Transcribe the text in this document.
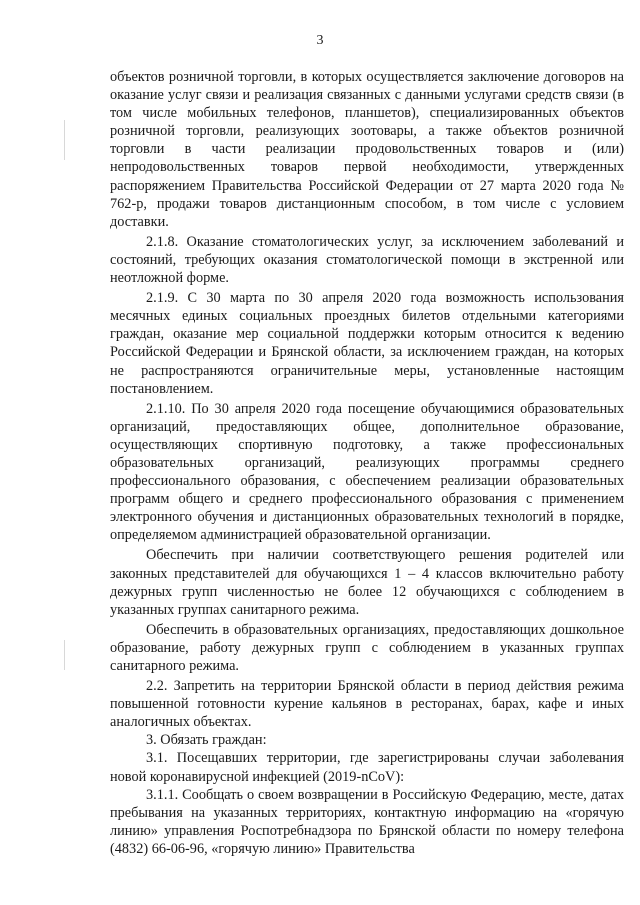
3

объектов розничной торговли, в которых осуществляется заключение договоров на оказание услуг связи и реализация связанных с данными услугами средств связи (в том числе мобильных телефонов, планшетов), специализированных объектов розничной торговли, реализующих зоотовары, а также объектов розничной торговли в части реализации продовольственных товаров и (или) непродовольственных товаров первой необходимости, утвержденных распоряжением Правительства Российской Федерации от 27 марта 2020 года № 762-р, продажи товаров дистанционным способом, в том числе с условием доставки.

2.1.8. Оказание стоматологических услуг, за исключением заболеваний и состояний, требующих оказания стоматологической помощи в экстренной или неотложной форме.

2.1.9. С 30 марта по 30 апреля 2020 года возможность использования месячных единых социальных проездных билетов отдельными категориями граждан, оказание мер социальной поддержки которым относится к ведению Российской Федерации и Брянской области, за исключением граждан, на которых не распространяются ограничительные меры, установленные настоящим постановлением.

2.1.10. По 30 апреля 2020 года посещение обучающимися образовательных организаций, предоставляющих общее, дополнительное образование, осуществляющих спортивную подготовку, а также профессиональных образовательных организаций, реализующих программы среднего профессионального образования, с обеспечением реализации образовательных программ общего и среднего профессионального образования с применением электронного обучения и дистанционных образовательных технологий в порядке, определяемом администрацией образовательной организации.

Обеспечить при наличии соответствующего решения родителей или законных представителей для обучающихся 1 – 4 классов включительно работу дежурных групп численностью не более 12 обучающихся с соблюдением в указанных группах санитарного режима.

Обеспечить в образовательных организациях, предоставляющих дошкольное образование, работу дежурных групп с соблюдением в указанных группах санитарного режима.

2.2. Запретить на территории Брянской области в период действия режима повышенной готовности курение кальянов в ресторанах, барах, кафе и иных аналогичных объектах.

3. Обязать граждан:

3.1. Посещавших территории, где зарегистрированы случаи заболевания новой коронавирусной инфекцией (2019-nCoV):

3.1.1. Сообщать о своем возвращении в Российскую Федерацию, месте, датах пребывания на указанных территориях, контактную информацию на «горячую линию» управления Роспотребнадзора по Брянской области по номеру телефона (4832) 66-06-96, «горячую линию» Правительства
